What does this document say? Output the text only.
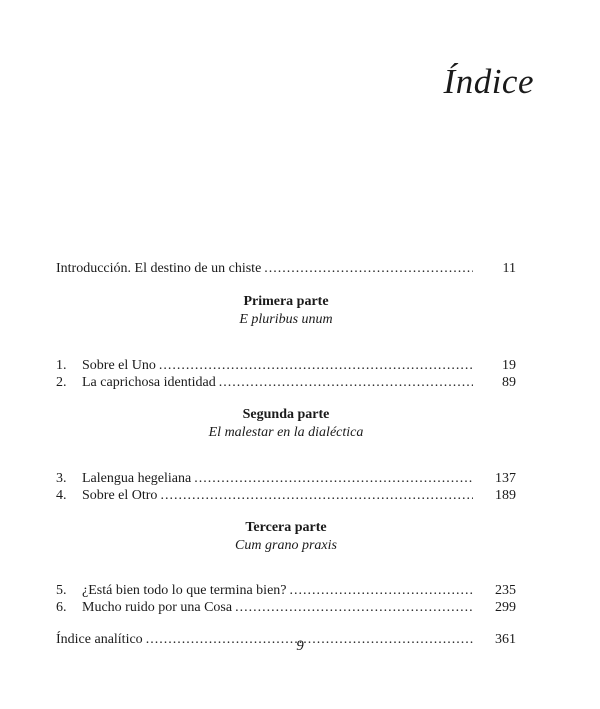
Índice
Introducción. El destino de un chiste .....	11
Primera parte
E pluribus unum
1.	Sobre el Uno .....	19
2.	La caprichosa identidad .....	89
Segunda parte
El malestar en la dialéctica
3.	Lalengua hegeliana .....	137
4.	Sobre el Otro .....	189
Tercera parte
Cum grano praxis
5.	¿Está bien todo lo que termina bien? .....	235
6.	Mucho ruido por una Cosa .....	299
Índice analítico .....	361
9
